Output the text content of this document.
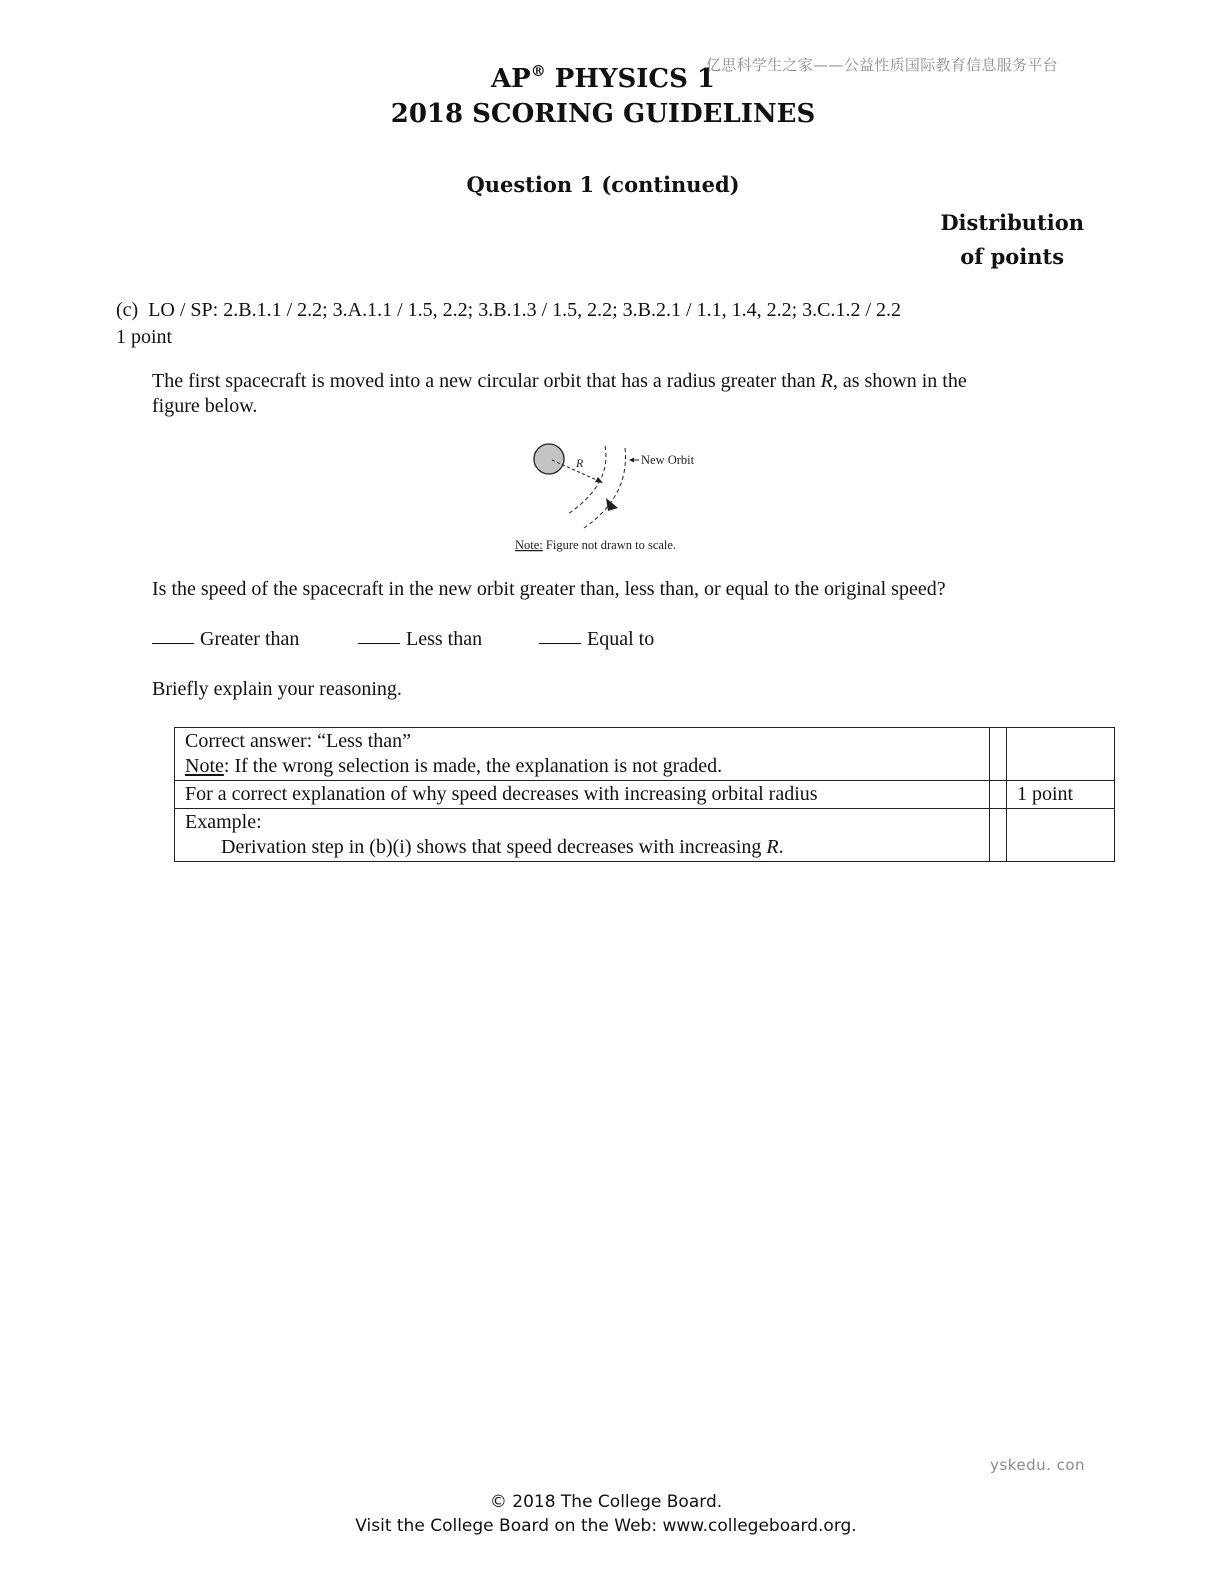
亿思科学生之家——公益性质国际教育信息服务平台
AP® PHYSICS 1
2018 SCORING GUIDELINES
Question 1 (continued)
Distribution
of points
(c) LO / SP: 2.B.1.1 / 2.2; 3.A.1.1 / 1.5, 2.2; 3.B.1.3 / 1.5, 2.2; 3.B.2.1 / 1.1, 1.4, 2.2; 3.C.1.2 / 2.2
1 point
The first spacecraft is moved into a new circular orbit that has a radius greater than R, as shown in the
figure below.
R	New Orbit
Note: Figure not drawn to scale.
Is the speed of the spacecraft in the new orbit greater than, less than, or equal to the original speed?
Greater than	Less than	Equal to
Briefly explain your reasoning.
Correct answer: “Less than”
Note: If the wrong selection is made, the explanation is not graded.		

For a correct explanation of why speed decreases with increasing orbital radius		1 point

Example:
Derivation step in (b)(i) shows that speed decreases with increasing R.		

yskedu. con
© 2018 The College Board.
Visit the College Board on the Web: www.collegeboard.org.
